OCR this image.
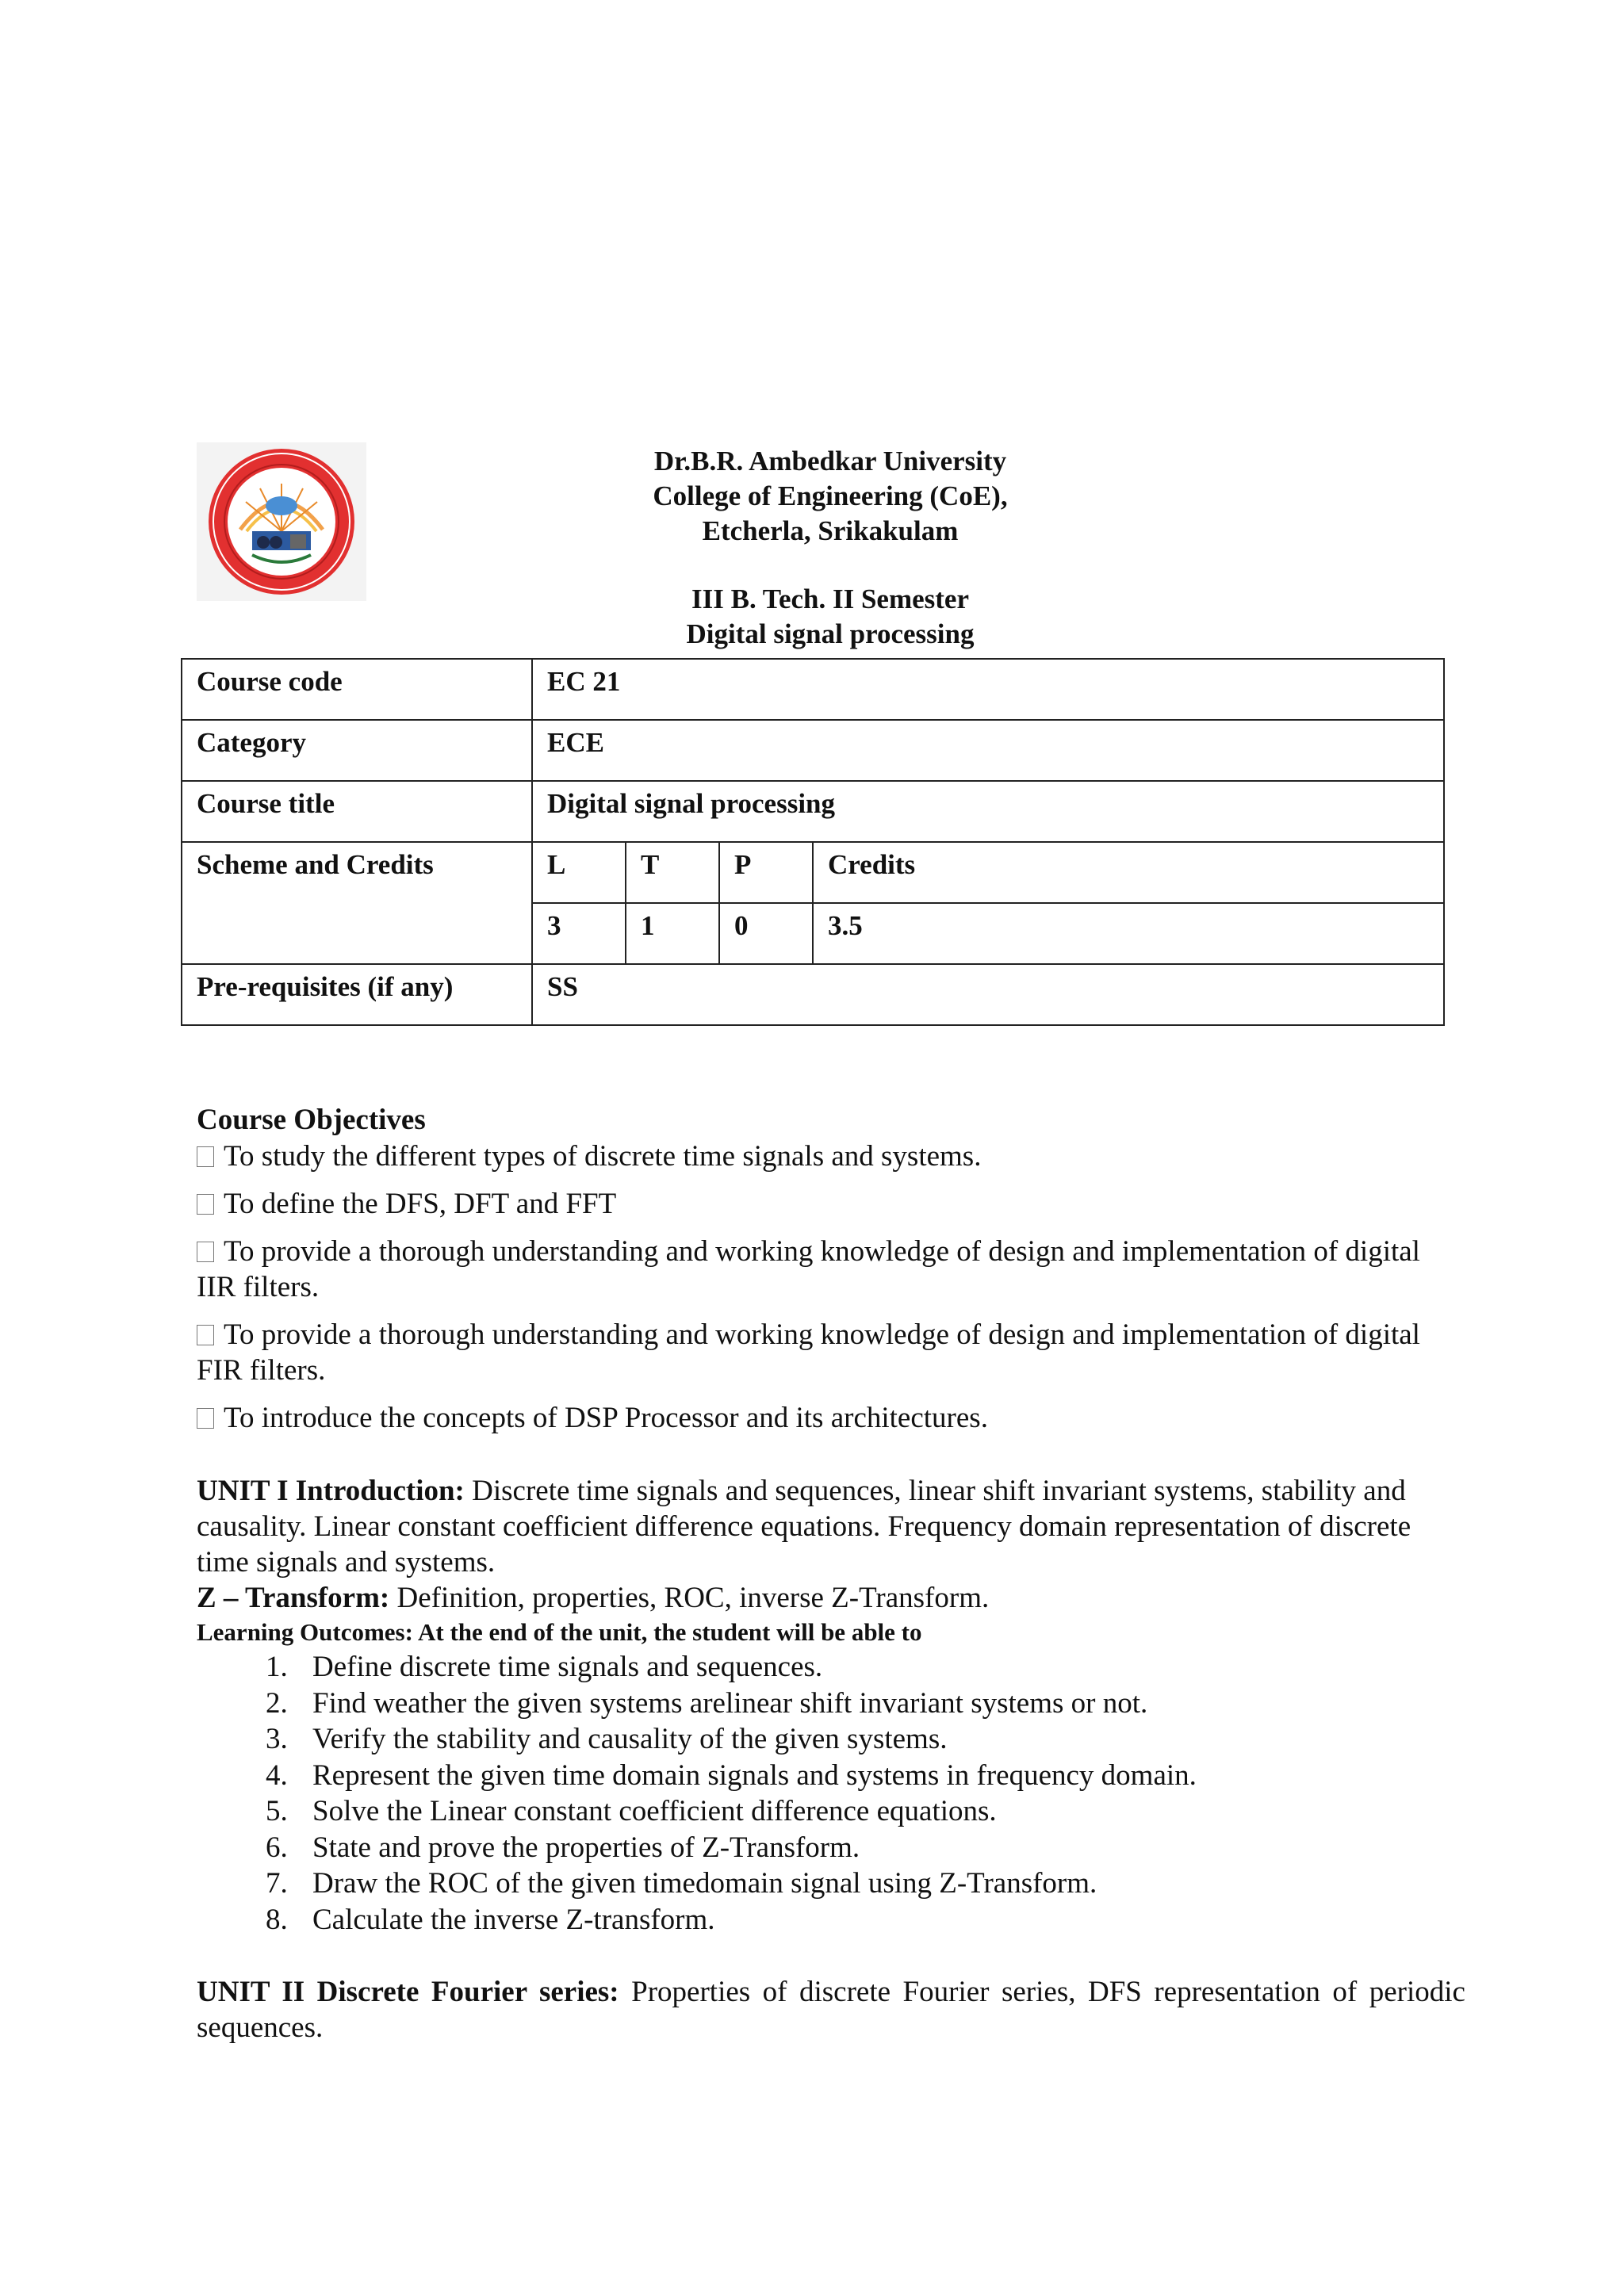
Dr.B.R. Ambedkar University
College of Engineering (CoE),
Etcherla, Srikakulam
III B. Tech. II Semester
Digital signal processing
Course code	EC 21			
Category	ECE			
Course title	Digital signal processing			
Scheme and Credits	L	T	P	Credits
	3	1	0	3.5
Pre-requisites (if any)	SS			
Course Objectives
To study the different types of discrete time signals and systems.
To define the DFS, DFT and FFT
To provide a thorough understanding and working knowledge of design and implementation of digital IIR filters.
To provide a thorough understanding and working knowledge of design and implementation of digital FIR filters.
To introduce the concepts of DSP Processor and its architectures.
UNIT I Introduction: Discrete time signals and sequences, linear shift invariant systems, stability and causality. Linear constant coefficient difference equations. Frequency domain representation of discrete time signals and systems.
Z – Transform: Definition, properties, ROC, inverse Z-Transform.
Learning Outcomes: At the end of the unit, the student will be able to
1. Define discrete time signals and sequences.
2. Find weather the given systems arelinear shift invariant systems or not.
3. Verify the stability and causality of the given systems.
4. Represent the given time domain signals and systems in frequency domain.
5. Solve the Linear constant coefficient difference equations.
6. State and prove the properties of Z-Transform.
7. Draw the ROC of the given timedomain signal using Z-Transform.
8. Calculate the inverse Z-transform.
UNIT II Discrete Fourier series: Properties of discrete Fourier series, DFS representation of periodic sequences.
